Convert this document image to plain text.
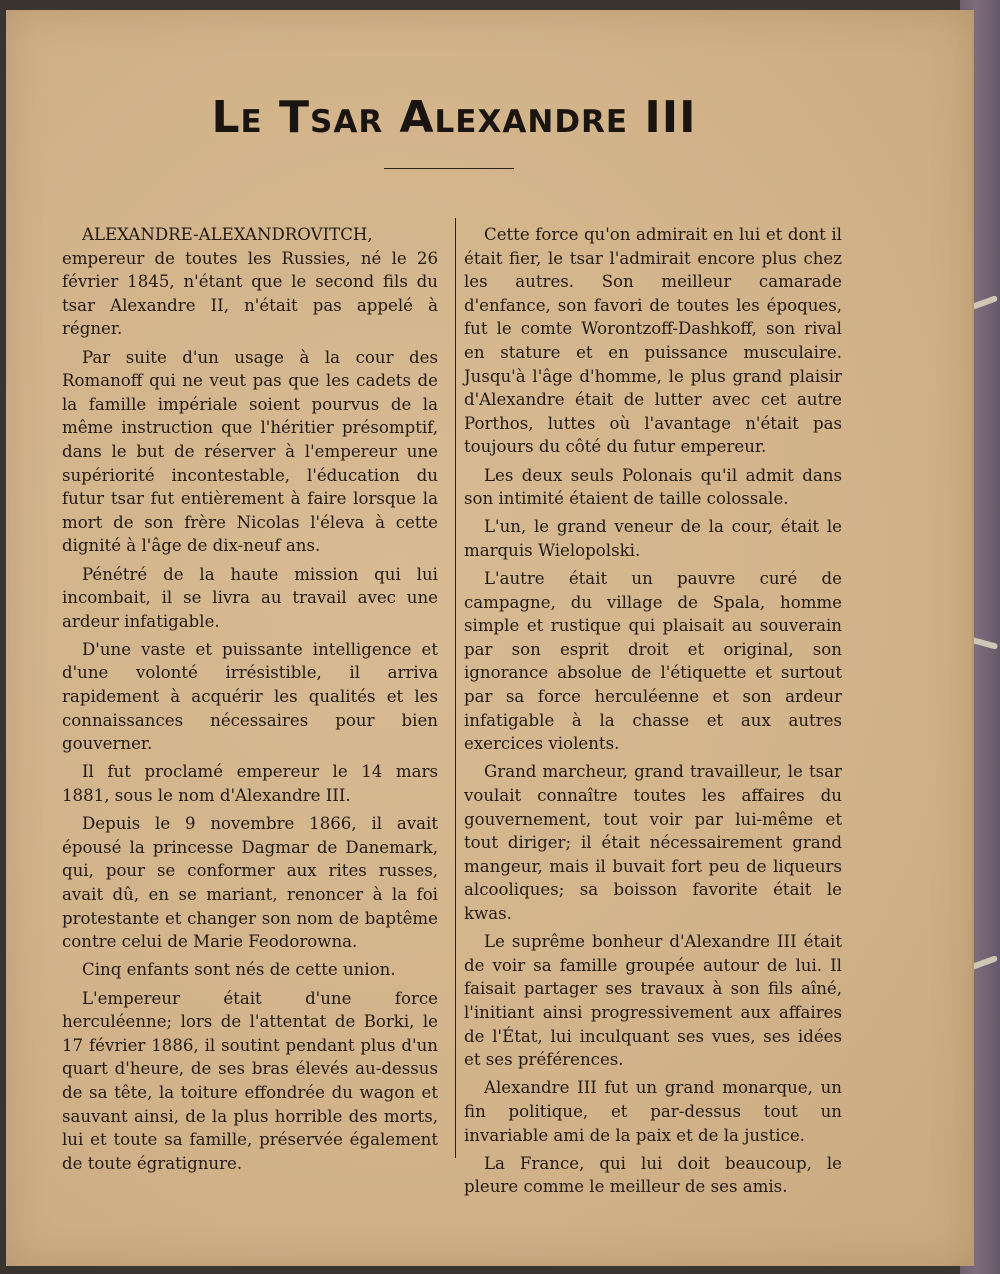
Le Tsar Alexandre III

ALEXANDRE-ALEXANDROVITCH, empereur de toutes les Russies, né le 26 février 1845, n'étant que le second fils du tsar Alexandre II, n'était pas appelé à régner.

Par suite d'un usage à la cour des Romanoff qui ne veut pas que les cadets de la famille impériale soient pourvus de la même instruction que l'héritier présomptif, dans le but de réserver à l'empereur une supériorité incontestable, l'éducation du futur tsar fut entièrement à faire lorsque la mort de son frère Nicolas l'éleva à cette dignité à l'âge de dix-neuf ans.

Pénétré de la haute mission qui lui incombait, il se livra au travail avec une ardeur infatigable.

D'une vaste et puissante intelligence et d'une volonté irrésistible, il arriva rapidement à acquérir les qualités et les connaissances nécessaires pour bien gouverner.

Il fut proclamé empereur le 14 mars 1881, sous le nom d'Alexandre III.

Depuis le 9 novembre 1866, il avait épousé la princesse Dagmar de Danemark, qui, pour se conformer aux rites russes, avait dû, en se mariant, renoncer à la foi protestante et changer son nom de baptême contre celui de Marie Feodorowna.

Cinq enfants sont nés de cette union.

L'empereur était d'une force herculéenne; lors de l'attentat de Borki, le 17 février 1886, il soutint pendant plus d'un quart d'heure, de ses bras élevés au-dessus de sa tête, la toiture effondrée du wagon et sauvant ainsi, de la plus horrible des morts, lui et toute sa famille, préservée également de toute égratignure.

Cette force qu'on admirait en lui et dont il était fier, le tsar l'admirait encore plus chez les autres. Son meilleur camarade d'enfance, son favori de toutes les époques, fut le comte Worontzoff-Dashkoff, son rival en stature et en puissance musculaire. Jusqu'à l'âge d'homme, le plus grand plaisir d'Alexandre était de lutter avec cet autre Porthos, luttes où l'avantage n'était pas toujours du côté du futur empereur.

Les deux seuls Polonais qu'il admit dans son intimité étaient de taille colossale.

L'un, le grand veneur de la cour, était le marquis Wielopolski.

L'autre était un pauvre curé de campagne, du village de Spala, homme simple et rustique qui plaisait au souverain par son esprit droit et original, son ignorance absolue de l'étiquette et surtout par sa force herculéenne et son ardeur infatigable à la chasse et aux autres exercices violents.

Grand marcheur, grand travailleur, le tsar voulait connaître toutes les affaires du gouvernement, tout voir par lui-même et tout diriger; il était nécessairement grand mangeur, mais il buvait fort peu de liqueurs alcooliques; sa boisson favorite était le kwas.

Le suprême bonheur d'Alexandre III était de voir sa famille groupée autour de lui. Il faisait partager ses travaux à son fils aîné, l'initiant ainsi progressivement aux affaires de l'État, lui inculquant ses vues, ses idées et ses préférences.

Alexandre III fut un grand monarque, un fin politique, et par-dessus tout un invariable ami de la paix et de la justice.

La France, qui lui doit beaucoup, le pleure comme le meilleur de ses amis.
